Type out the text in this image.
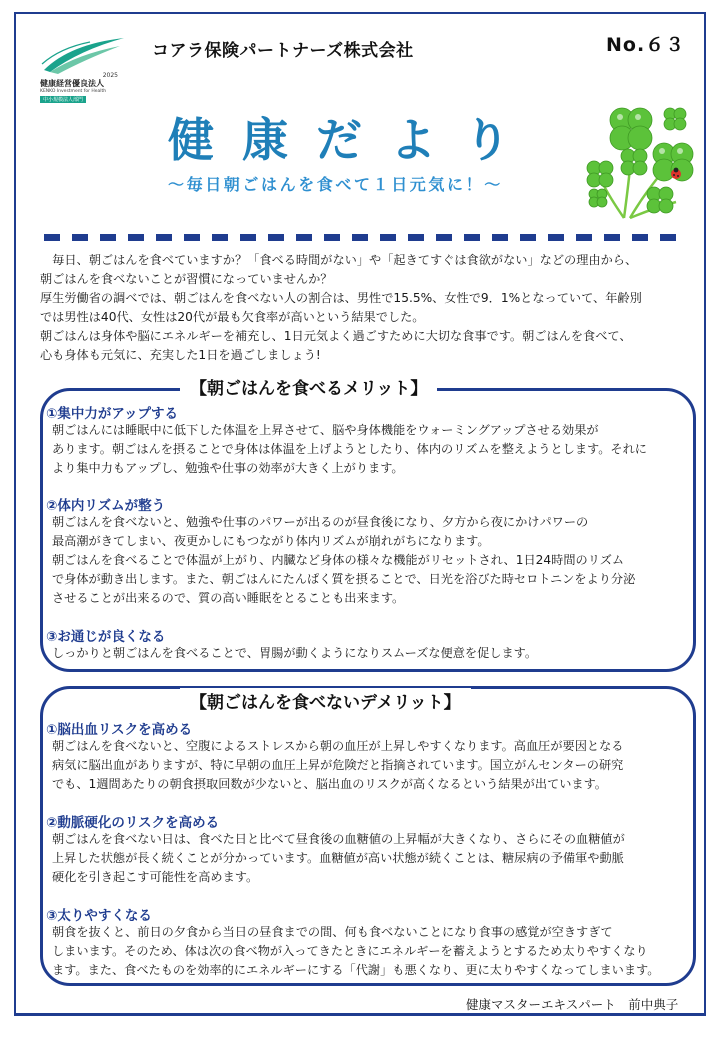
2025
健康経営優良法人
KENKO Investment for Health
中小規模法人部門
コアラ保険パートナーズ株式会社	No.６３
健康だより
〜毎日朝ごはんを食べて１日元気に！〜

　毎日、朝ごはんを食べていますか？「食べる時間がない」や「起きてすぐは食欲がない」などの理由から、

朝ごはんを食べないことが習慣になっていませんか？

厚生労働省の調べでは、朝ごはんを食べない人の割合は、男性で15.5%、女性で9．1%となっていて、年齢別

では男性は40代、女性は20代が最も欠食率が高いという結果でした。

朝ごはんは身体や脳にエネルギーを補充し、1日元気よく過ごすために大切な食事です。朝ごはんを食べて、

心も身体も元気に、充実した1日を過ごしましょう!

【朝ごはんを食べるメリット】
①集中力がアップする

朝ごはんには睡眠中に低下した体温を上昇させて、脳や身体機能をウォーミングアップさせる効果が

あります。朝ごはんを摂ることで身体は体温を上げようとしたり、体内のリズムを整えようとします。それに

より集中力もアップし、勉強や仕事の効率が大きく上がります。

②体内リズムが整う

朝ごはんを食べないと、勉強や仕事のパワーが出るのが昼食後になり、夕方から夜にかけパワーの

最高潮がきてしまい、夜更かしにもつながり体内リズムが崩れがちになります。

朝ごはんを食べることで体温が上がり、内臓など身体の様々な機能がリセットされ、1日24時間のリズム

で身体が動き出します。また、朝ごはんにたんぱく質を摂ることで、日光を浴びた時セロトニンをより分泌

させることが出来るので、質の高い睡眠をとることも出来ます。

③お通じが良くなる

しっかりと朝ごはんを食べることで、胃腸が動くようになりスムーズな便意を促します。

【朝ごはんを食べないデメリット】
①脳出血リスクを高める

朝ごはんを食べないと、空腹によるストレスから朝の血圧が上昇しやすくなります。高血圧が要因となる

病気に脳出血がありますが、特に早朝の血圧上昇が危険だと指摘されています。国立がんセンターの研究

でも、1週間あたりの朝食摂取回数が少ないと、脳出血のリスクが高くなるという結果が出ています。

②動脈硬化のリスクを高める

朝ごはんを食べない日は、食べた日と比べて昼食後の血糖値の上昇幅が大きくなり、さらにその血糖値が

上昇した状態が長く続くことが分かっています。血糖値が高い状態が続くことは、糖尿病の予備軍や動脈

硬化を引き起こす可能性を高めます。

③太りやすくなる

朝食を抜くと、前日の夕食から当日の昼食までの間、何も食べないことになり食事の感覚が空きすぎて

しまいます。そのため、体は次の食べ物が入ってきたときにエネルギーを蓄えようとするため太りやすくなり

ます。また、食べたものを効率的にエネルギーにする「代謝」も悪くなり、更に太りやすくなってしまいます。

健康マスターエキスパート　前中典子
